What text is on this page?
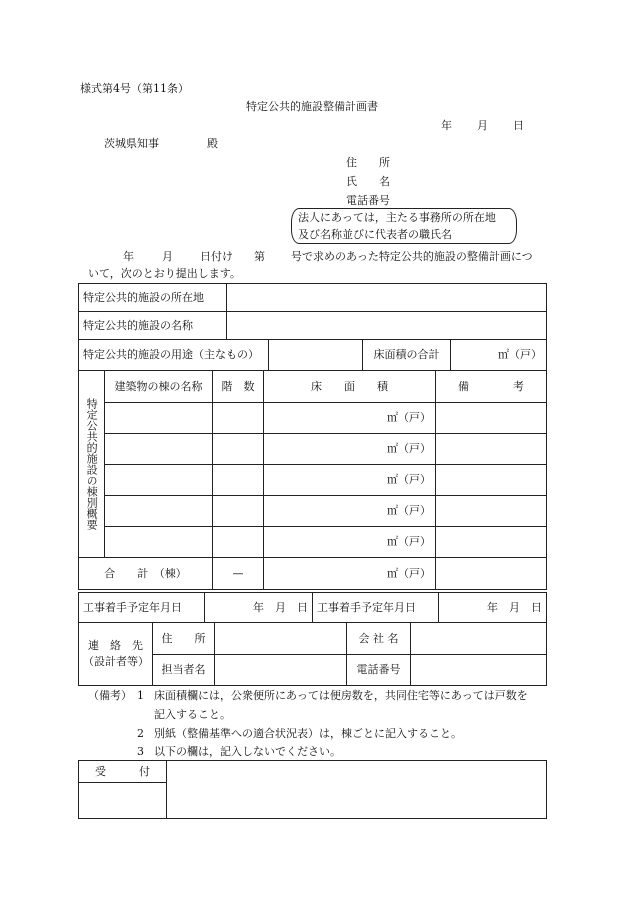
様式第4号（第11条）
特定公共的施設整備計画書
年 月 日
茨城県知事	殿
住　　所
氏　　名
電話番号
法人にあっては，主たる事務所の所在地
及び名称並びに代表者の職氏名
年	月 日付け 第 号で求めのあった特定公共的施設の整備計画につ
いて，次のとおり提出します。
特定公共的施設の所在地				
特定公共的施設の名称				
特定公共的施設の用途（主なもの）			床面積の合計	㎡（戸）
特定公共的施設の棟別概要	建築物の棟の名称	階　数	床　　面　　積	備　　　　考
			㎡（戸）	
			㎡（戸）	
			㎡（戸）	
			㎡（戸）	
			㎡（戸）	
合　　計　（棟）		—	㎡（戸）	
工事着手予定年月日	年　月　日	工事着手予定年月日	年　月　日
連　絡　先
（設計者等）	住　　所		会 社 名	
	担当者名		電話番号	
（備考） 1 床面積欄には，公衆便所にあっては便房数を，共同住宅等にあっては戸数を
記入すること。
2 別紙（整備基準への適合状況表）は，棟ごとに記入すること。
3 以下の欄は，記入しないでください。
受　　　付	
